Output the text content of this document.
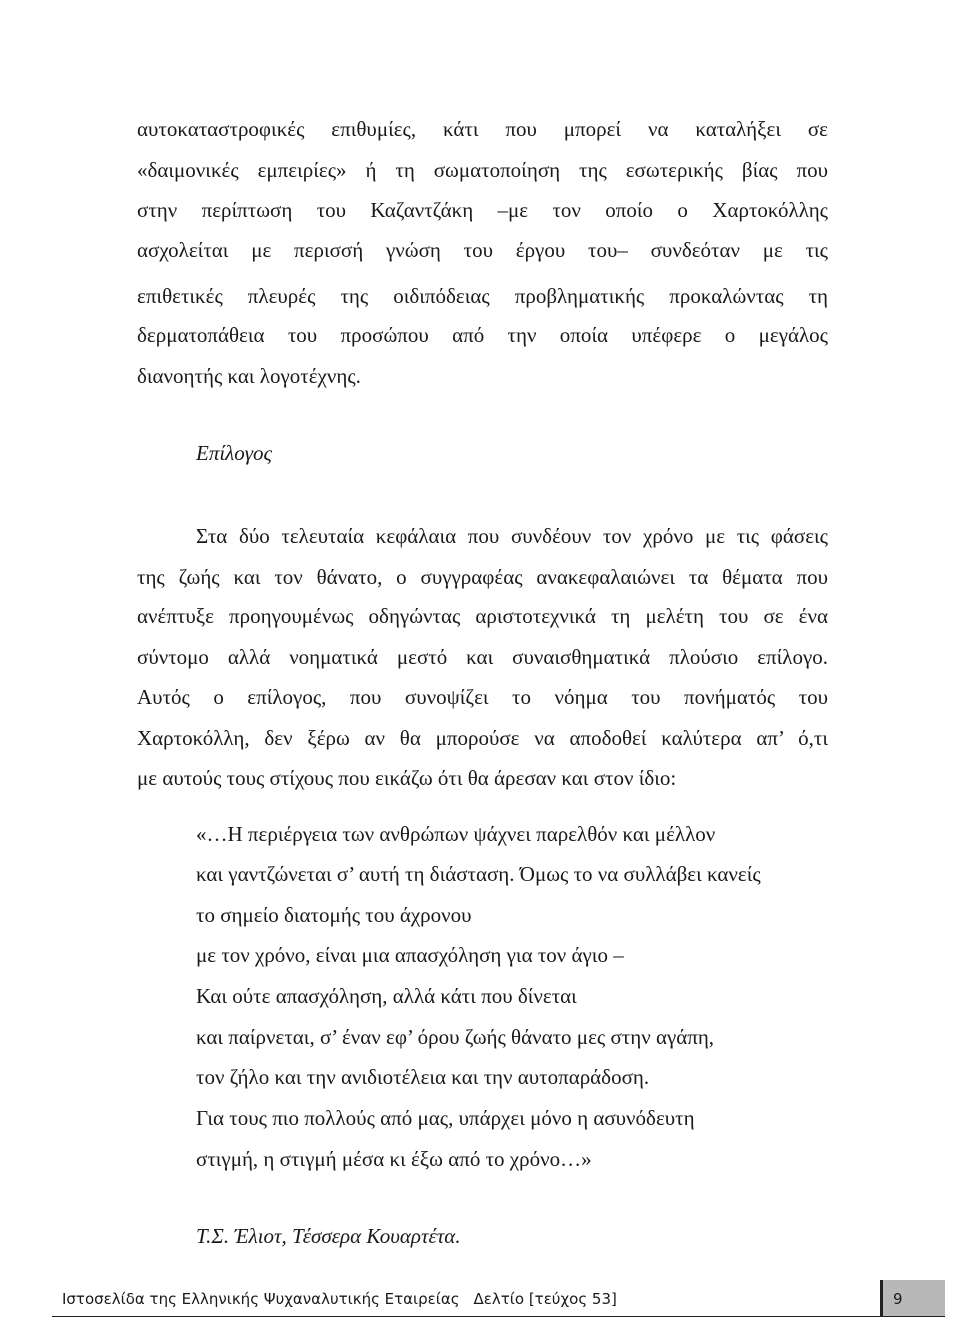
αυτοκαταστροφικές επιθυμίες, κάτι που μπορεί να καταλήξει σε
«δαιμονικές εμπειρίες» ή τη σωματοποίηση της εσωτερικής βίας που
στην περίπτωση του Καζαντζάκη –με τον οποίο ο Χαρτοκόλλης
ασχολείται με περισσή γνώση του έργου του– συνδεόταν με τις
επιθετικές πλευρές της οιδιπόδειας προβληματικής προκαλώντας τη
δερματοπάθεια του προσώπου από την οποία υπέφερε ο μεγάλος
διανοητής και λογοτέχνης.
Επίλογος
Στα δύο τελευταία κεφάλαια που συνδέουν τον χρόνο με τις φάσεις
της ζωής και τον θάνατο, ο συγγραφέας ανακεφαλαιώνει τα θέματα που
ανέπτυξε προηγουμένως οδηγώντας αριστοτεχνικά τη μελέτη του σε ένα
σύντομο αλλά νοηματικά μεστό και συναισθηματικά πλούσιο επίλογο.
Αυτός ο επίλογος, που συνοψίζει το νόημα του πονήματός του
Χαρτοκόλλη, δεν ξέρω αν θα μπορούσε να αποδοθεί καλύτερα απ’ ό,τι
με αυτούς τους στίχους που εικάζω ότι θα άρεσαν και στον ίδιο:
«…Η περιέργεια των ανθρώπων ψάχνει παρελθόν και μέλλον
και γαντζώνεται σ’ αυτή τη διάσταση. Όμως το να συλλάβει κανείς
το σημείο διατομής του άχρονου
με τον χρόνο, είναι μια απασχόληση για τον άγιο –
Και ούτε απασχόληση, αλλά κάτι που δίνεται
και παίρνεται, σ’ έναν εφ’ όρου ζωής θάνατο μες στην αγάπη,
τον ζήλο και την ανιδιοτέλεια και την αυτοπαράδοση.
Για τους πιο πολλούς από μας, υπάρχει μόνο η ασυνόδευτη
στιγμή, η στιγμή μέσα κι έξω από το χρόνο…»
Τ.Σ. Έλιοτ, Τέσσερα Κουαρτέτα.
Ιστοσελίδα της Ελληνικής Ψυχαναλυτικής Εταιρείας Δελτίο [τεύχος 53]	9
